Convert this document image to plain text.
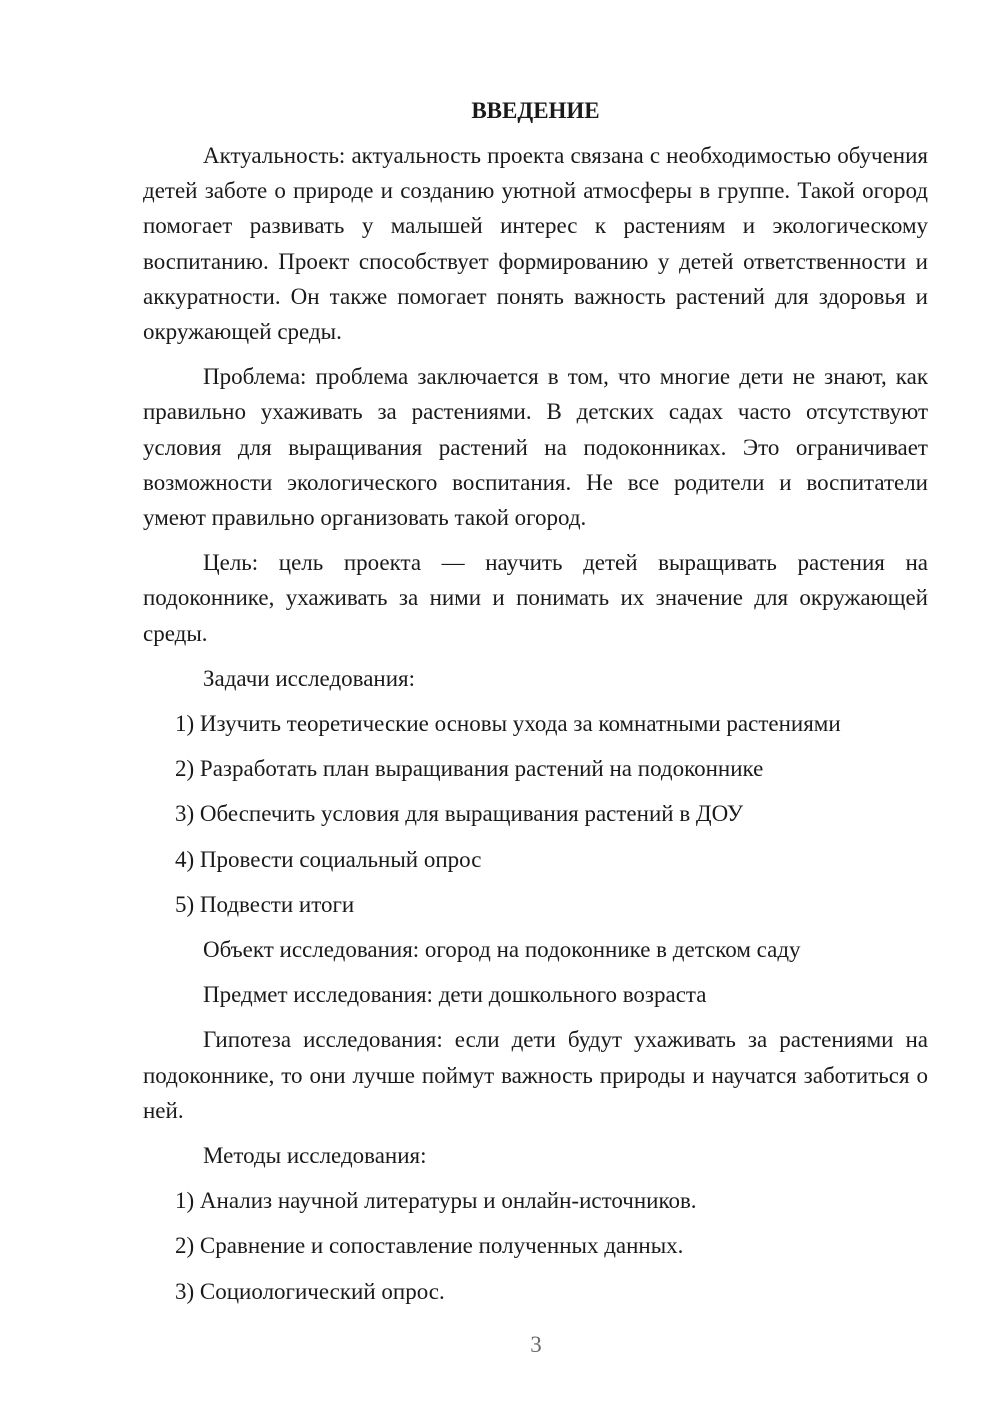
ВВЕДЕНИЕ
Актуальность: актуальность проекта связана с необходимостью обучения детей заботе о природе и созданию уютной атмосферы в группе. Такой огород помогает развивать у малышей интерес к растениям и экологическому воспитанию. Проект способствует формированию у детей ответственности и аккуратности. Он также помогает понять важность растений для здоровья и окружающей среды.
Проблема: проблема заключается в том, что многие дети не знают, как правильно ухаживать за растениями. В детских садах часто отсутствуют условия для выращивания растений на подоконниках. Это ограничивает возможности экологического воспитания. Не все родители и воспитатели умеют правильно организовать такой огород.
Цель: цель проекта — научить детей выращивать растения на подоконнике, ухаживать за ними и понимать их значение для окружающей среды.
Задачи исследования:
1) Изучить теоретические основы ухода за комнатными растениями
2) Разработать план выращивания растений на подоконнике
3) Обеспечить условия для выращивания растений в ДОУ
4) Провести социальный опрос
5) Подвести итоги
Объект исследования: огород на подоконнике в детском саду
Предмет исследования: дети дошкольного возраста
Гипотеза исследования: если дети будут ухаживать за растениями на подоконнике, то они лучше поймут важность природы и научатся заботиться о ней.
Методы исследования:
1) Анализ научной литературы и онлайн-источников.
2) Сравнение и сопоставление полученных данных.
3) Социологический опрос.
3
